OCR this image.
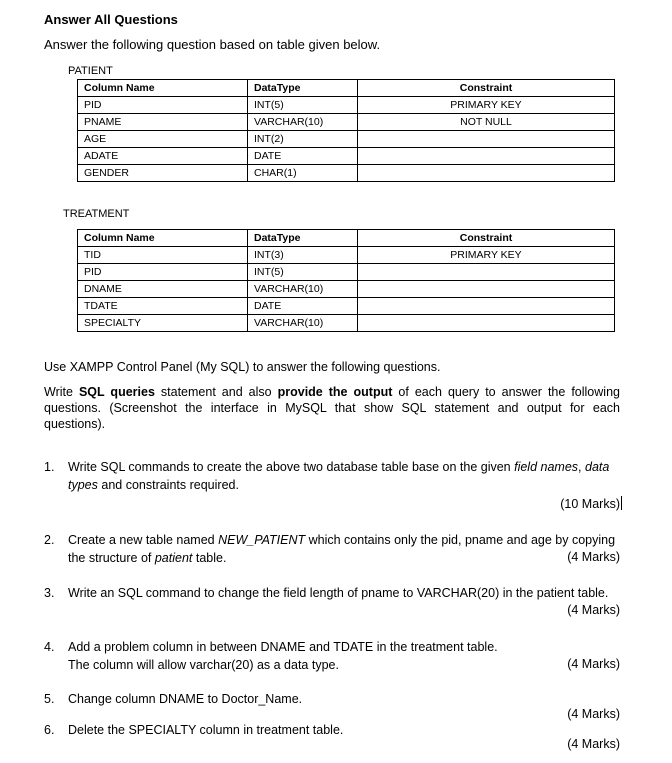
Answer All Questions
Answer the following question based on table given below.
PATIENT
Column Name	DataType	Constraint
PID	INT(5)	PRIMARY KEY
PNAME	VARCHAR(10)	NOT NULL
AGE	INT(2)	
ADATE	DATE	
GENDER	CHAR(1)	
TREATMENT
Column Name	DataType	Constraint
TID	INT(3)	PRIMARY KEY
PID	INT(5)	
DNAME	VARCHAR(10)	
TDATE	DATE	
SPECIALTY	VARCHAR(10)	
Use XAMPP Control Panel (My SQL) to answer the following questions.
Write SQL queries statement and also provide the output of each query to answer the following questions. (Screenshot the interface in MySQL that show SQL statement and output for each questions).
1. Write SQL commands to create the above two database table base on the given field names, data types and constraints required.
(10 Marks)
2. Create a new table named NEW_PATIENT which contains only the pid, pname and age by copying the structure of patient table.	(4 Marks)
3. Write an SQL command to change the field length of pname to VARCHAR(20) in the patient table.
(4 Marks)
4. Add a problem column in between DNAME and TDATE in the treatment table. The column will allow varchar(20) as a data type.	(4 Marks)
5. Change column DNAME to Doctor_Name.
(4 Marks)
6. Delete the SPECIALTY column in treatment table.
(4 Marks)
